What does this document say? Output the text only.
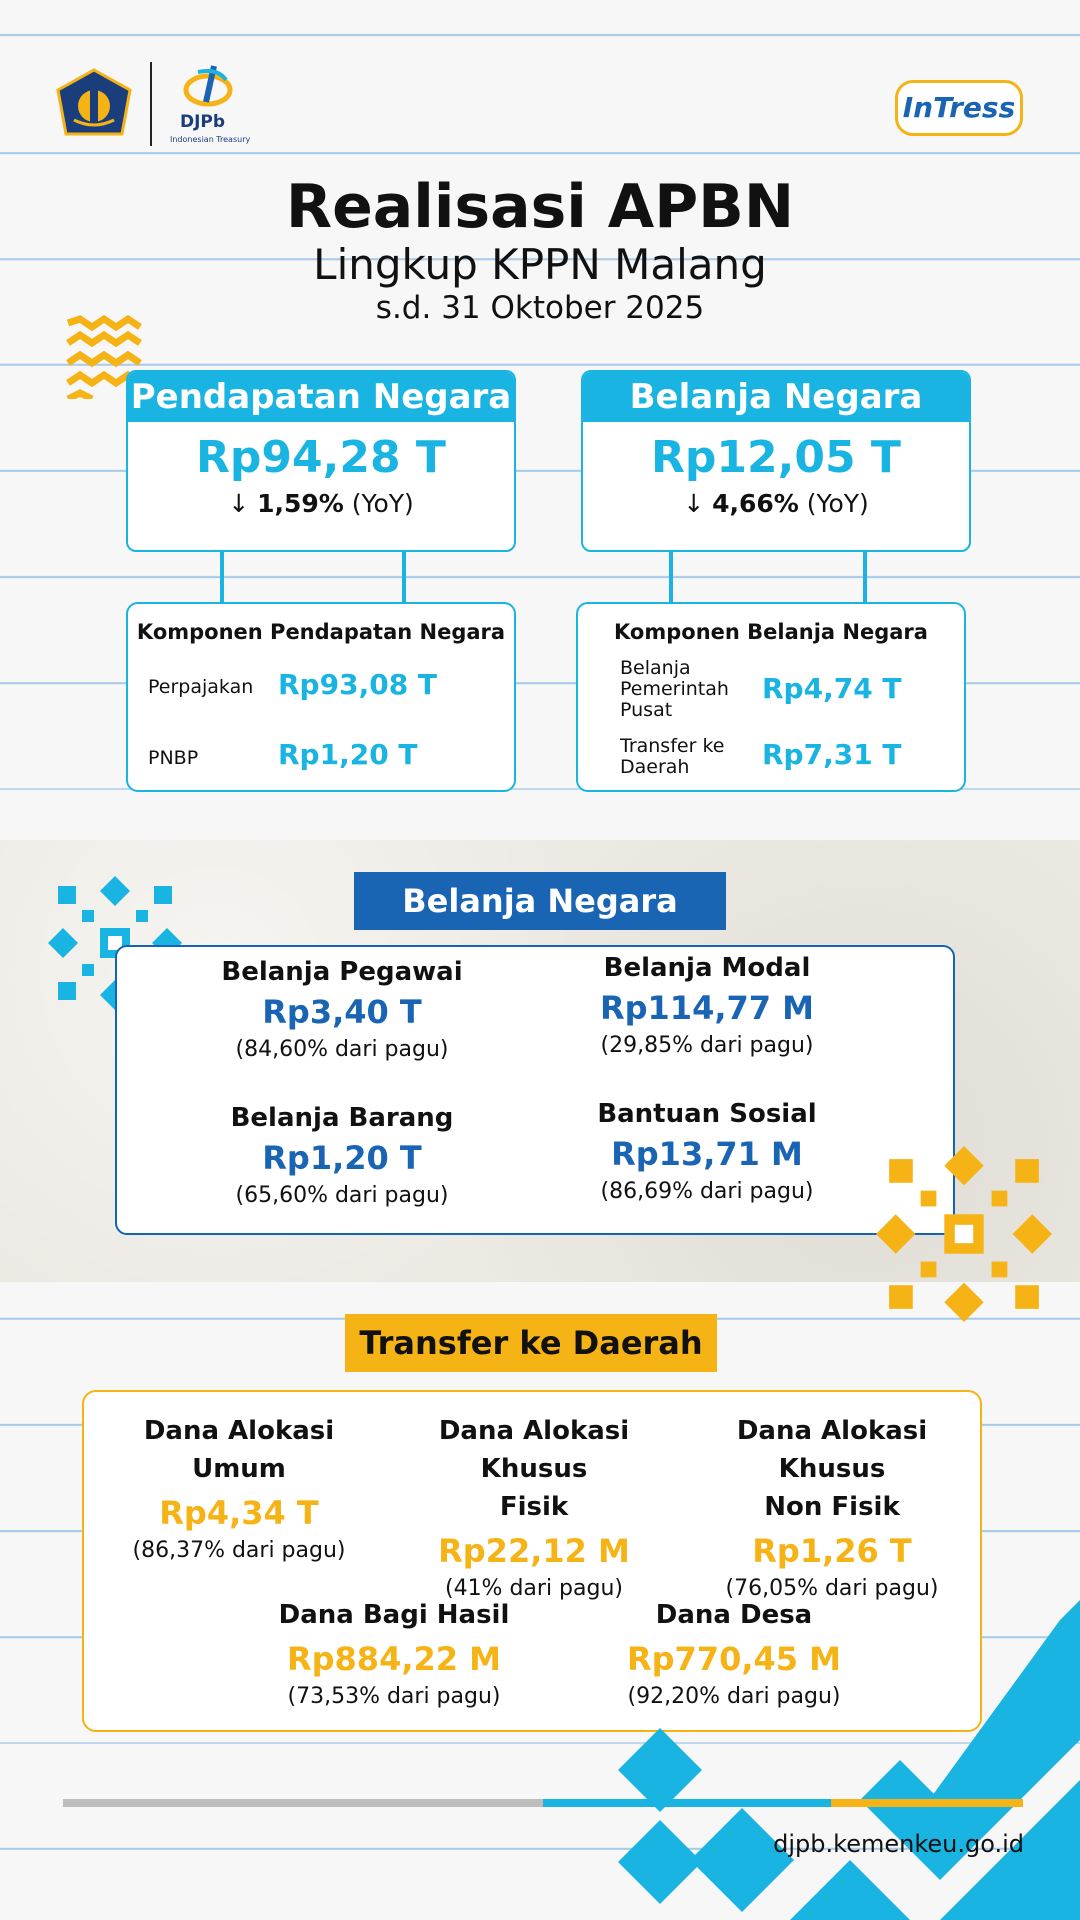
DJPb
Indonesian Treasury
InTress
Realisasi APBN
Lingkup KPPN Malang
s.d. 31 Oktober 2025
Pendapatan Negara
Rp94,28 T
↓ 1,59% (YoY)
Belanja Negara
Rp12,05 T
↓ 4,66% (YoY)
Komponen Pendapatan Negara
Perpajakan Rp93,08 T
PNBP	Rp1,20 T
Komponen Belanja Negara
Belanja
Pemerintah
Pusat
Rp4,74 T
Transfer ke
Daerah	Rp7,31 T
Belanja Pegawai
Rp3,40 T
(84,60% dari pagu)
Belanja Modal
Rp114,77 M
(29,85% dari pagu)
Belanja Barang
Rp1,20 T
(65,60% dari pagu)
Bantuan Sosial
Rp13,71 M
(86,69% dari pagu)
Belanja Negara
Transfer ke Daerah
Dana Alokasi
Umum
Rp4,34 T
(86,37% dari pagu)
Dana Alokasi Khusus
Fisik
Rp22,12 M
(41% dari pagu)
Dana Alokasi Khusus
Non Fisik
Rp1,26 T
(76,05% dari pagu)
Dana Bagi Hasil
Rp884,22 M
(73,53% dari pagu)
Dana Desa
Rp770,45 M
(92,20% dari pagu)
djpb.kemenkeu.go.id
